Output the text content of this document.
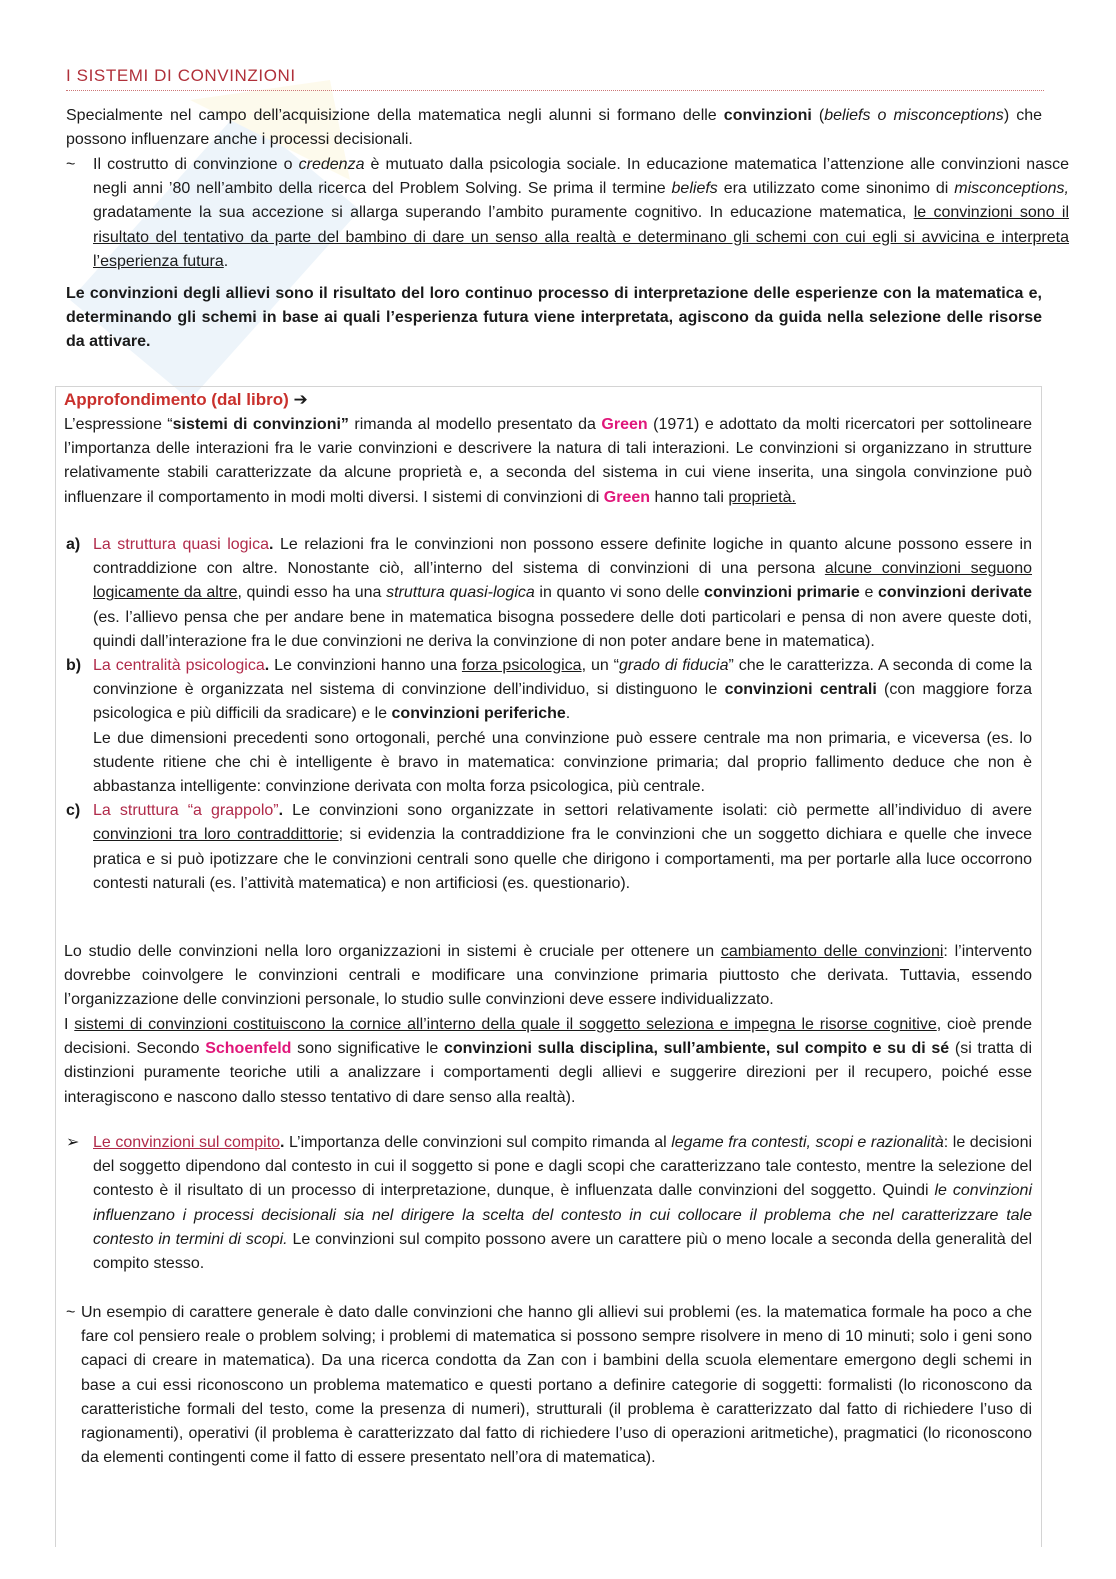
I SISTEMI DI CONVINZIONI
Specialmente nel campo dell’acquisizione della matematica negli alunni si formano delle convinzioni (beliefs o misconceptions) che possono influenzare anche i processi decisionali.
~ Il costrutto di convinzione o credenza è mutuato dalla psicologia sociale. In educazione matematica l’attenzione alle convinzioni nasce negli anni ’80 nell’ambito della ricerca del Problem Solving. Se prima il termine beliefs era utilizzato come sinonimo di misconceptions, gradatamente la sua accezione si allarga superando l’ambito puramente cognitivo. In educazione matematica, le convinzioni sono il risultato del tentativo da parte del bambino di dare un senso alla realtà e determinano gli schemi con cui egli si avvicina e interpreta l’esperienza futura.
Le convinzioni degli allievi sono il risultato del loro continuo processo di interpretazione delle esperienze con la matematica e, determinando gli schemi in base ai quali l’esperienza futura viene interpretata, agiscono da guida nella selezione delle risorse da attivare.
Approfondimento (dal libro) ➔
L’espressione “sistemi di convinzioni” rimanda al modello presentato da Green (1971) e adottato da molti ricercatori per sottolineare l’importanza delle interazioni fra le varie convinzioni e descrivere la natura di tali interazioni. Le convinzioni si organizzano in strutture relativamente stabili caratterizzate da alcune proprietà e, a seconda del sistema in cui viene inserita, una singola convinzione può influenzare il comportamento in modi molti diversi. I sistemi di convinzioni di Green hanno tali proprietà.
a) La struttura quasi logica. Le relazioni fra le convinzioni non possono essere definite logiche in quanto alcune possono essere in contraddizione con altre. Nonostante ciò, all’interno del sistema di convinzioni di una persona alcune convinzioni seguono logicamente da altre, quindi esso ha una struttura quasi-logica in quanto vi sono delle convinzioni primarie e convinzioni derivate (es. l’allievo pensa che per andare bene in matematica bisogna possedere delle doti particolari e pensa di non avere queste doti, quindi dall’interazione fra le due convinzioni ne deriva la convinzione di non poter andare bene in matematica).
b) La centralità psicologica. Le convinzioni hanno una forza psicologica, un “grado di fiducia” che le caratterizza. A seconda di come la convinzione è organizzata nel sistema di convinzione dell’individuo, si distinguono le convinzioni centrali (con maggiore forza psicologica e più difficili da sradicare) e le convinzioni periferiche.
Le due dimensioni precedenti sono ortogonali, perché una convinzione può essere centrale ma non primaria, e viceversa (es. lo studente ritiene che chi è intelligente è bravo in matematica: convinzione primaria; dal proprio fallimento deduce che non è abbastanza intelligente: convinzione derivata con molta forza psicologica, più centrale.
c) La struttura “a grappolo”. Le convinzioni sono organizzate in settori relativamente isolati: ciò permette all’individuo di avere convinzioni tra loro contraddittorie; si evidenzia la contraddizione fra le convinzioni che un soggetto dichiara e quelle che invece pratica e si può ipotizzare che le convinzioni centrali sono quelle che dirigono i comportamenti, ma per portarle alla luce occorrono contesti naturali (es. l’attività matematica) e non artificiosi (es. questionario).
Lo studio delle convinzioni nella loro organizzazioni in sistemi è cruciale per ottenere un cambiamento delle convinzioni: l’intervento dovrebbe coinvolgere le convinzioni centrali e modificare una convinzione primaria piuttosto che derivata. Tuttavia, essendo l’organizzazione delle convinzioni personale, lo studio sulle convinzioni deve essere individualizzato.
I sistemi di convinzioni costituiscono la cornice all’interno della quale il soggetto seleziona e impegna le risorse cognitive, cioè prende decisioni. Secondo Schoenfeld sono significative le convinzioni sulla disciplina, sull’ambiente, sul compito e su di sé (si tratta di distinzioni puramente teoriche utili a analizzare i comportamenti degli allievi e suggerire direzioni per il recupero, poiché esse interagiscono e nascono dallo stesso tentativo di dare senso alla realtà).
➢ Le convinzioni sul compito. L’importanza delle convinzioni sul compito rimanda al legame fra contesti, scopi e razionalità: le decisioni del soggetto dipendono dal contesto in cui il soggetto si pone e dagli scopi che caratterizzano tale contesto, mentre la selezione del contesto è il risultato di un processo di interpretazione, dunque, è influenzata dalle convinzioni del soggetto. Quindi le convinzioni influenzano i processi decisionali sia nel dirigere la scelta del contesto in cui collocare il problema che nel caratterizzare tale contesto in termini di scopi. Le convinzioni sul compito possono avere un carattere più o meno locale a seconda della generalità del compito stesso.
~ Un esempio di carattere generale è dato dalle convinzioni che hanno gli allievi sui problemi (es. la matematica formale ha poco a che fare col pensiero reale o problem solving; i problemi di matematica si possono sempre risolvere in meno di 10 minuti; solo i geni sono capaci di creare in matematica). Da una ricerca condotta da Zan con i bambini della scuola elementare emergono degli schemi in base a cui essi riconoscono un problema matematico e questi portano a definire categorie di soggetti: formalisti (lo riconoscono da caratteristiche formali del testo, come la presenza di numeri), strutturali (il problema è caratterizzato dal fatto di richiedere l’uso di ragionamenti), operativi (il problema è caratterizzato dal fatto di richiedere l’uso di operazioni aritmetiche), pragmatici (lo riconoscono da elementi contingenti come il fatto di essere presentato nell’ora di matematica).
